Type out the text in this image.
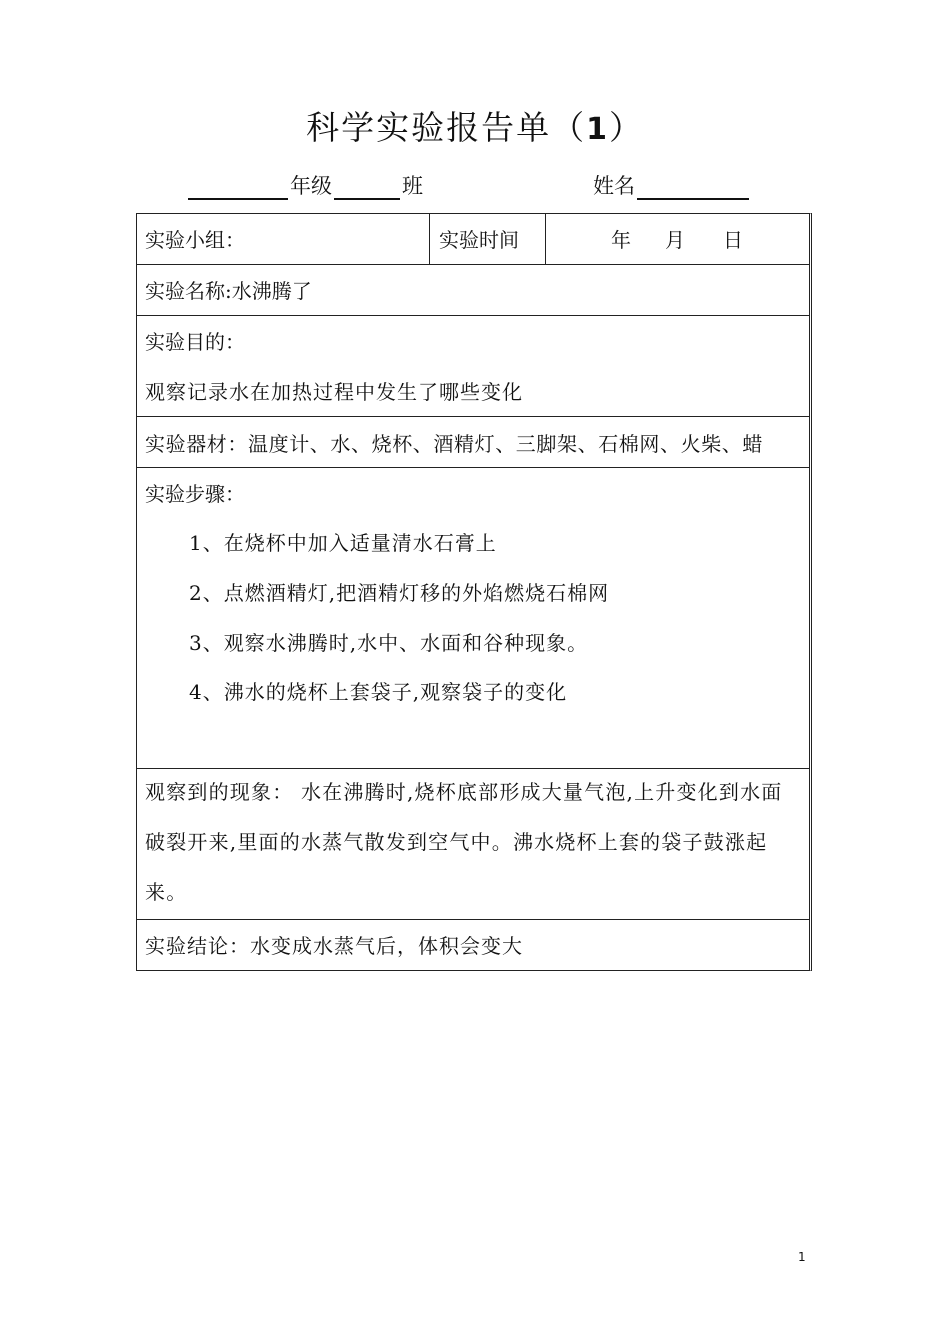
科学实验报告单（1）
年级	班	姓名
实验小组：	实验时间	年 月 日
实验名称:水沸腾了
实验目的：
观察记录水在加热过程中发生了哪些变化
实验器材：温度计、水、烧杯、酒精灯、三脚架、石棉网、火柴、蜡
实验步骤：
1、在烧杯中加入适量清水石膏上
2、点燃酒精灯,把酒精灯移的外焰燃烧石棉网
3、观察水沸腾时,水中、水面和谷种现象。
4、沸水的烧杯上套袋子,观察袋子的变化
观察到的现象： 水在沸腾时,烧杯底部形成大量气泡,上升变化到水面破裂开来,里面的水蒸气散发到空气中。沸水烧杯上套的袋子鼓涨起来。
实验结论：水变成水蒸气后，体积会变大
1
